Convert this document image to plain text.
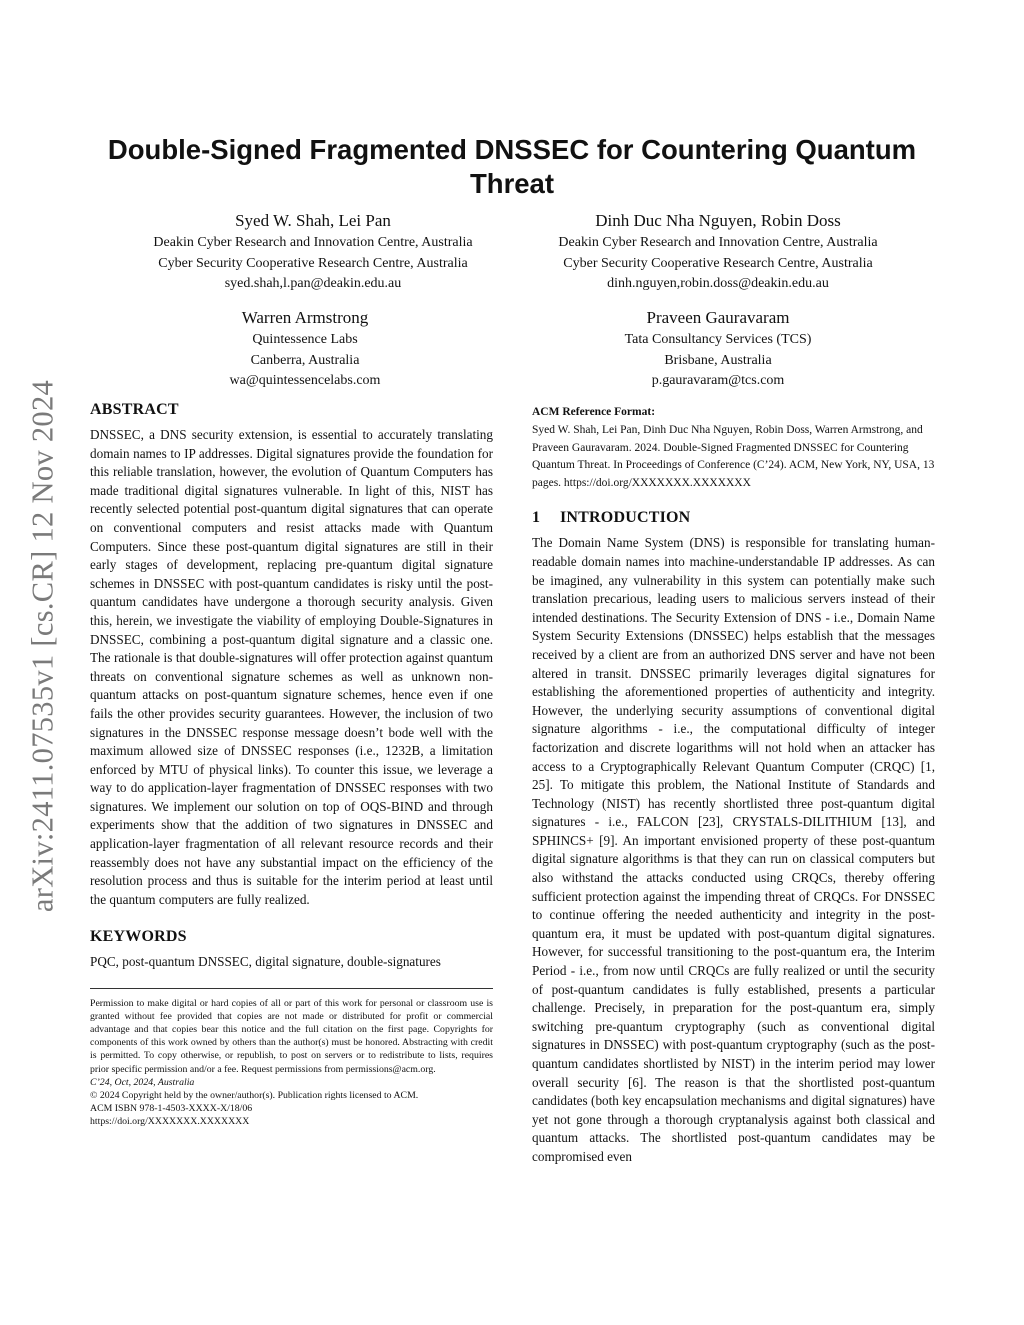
arXiv:2411.07535v1 [cs.CR] 12 Nov 2024
Double-Signed Fragmented DNSSEC for Countering Quantum Threat
Syed W. Shah, Lei Pan
Deakin Cyber Research and Innovation Centre, Australia
Cyber Security Cooperative Research Centre, Australia
syed.shah,l.pan@deakin.edu.au
Dinh Duc Nha Nguyen, Robin Doss
Deakin Cyber Research and Innovation Centre, Australia
Cyber Security Cooperative Research Centre, Australia
dinh.nguyen,robin.doss@deakin.edu.au
Warren Armstrong
Quintessence Labs
Canberra, Australia
wa@quintessencelabs.com
Praveen Gauravaram
Tata Consultancy Services (TCS)
Brisbane, Australia
p.gauravaram@tcs.com
ABSTRACT

DNSSEC, a DNS security extension, is essential to accurately translating domain names to IP addresses. Digital signatures provide the foundation for this reliable translation, however, the evolution of Quantum Computers has made traditional digital signatures vulnerable. In light of this, NIST has recently selected potential post-quantum digital signatures that can operate on conventional computers and resist attacks made with Quantum Computers. Since these post-quantum digital signatures are still in their early stages of development, replacing pre-quantum digital signature schemes in DNSSEC with post-quantum candidates is risky until the post-quantum candidates have undergone a thorough security analysis. Given this, herein, we investigate the viability of employing Double-Signatures in DNSSEC, combining a post-quantum digital signature and a classic one. The rationale is that double-signatures will offer protection against quantum threats on conventional signature schemes as well as unknown non-quantum attacks on post-quantum signature schemes, hence even if one fails the other provides security guarantees. However, the inclusion of two signatures in the DNSSEC response message doesn’t bode well with the maximum allowed size of DNSSEC responses (i.e., 1232B, a limitation enforced by MTU of physical links). To counter this issue, we leverage a way to do application-layer fragmentation of DNSSEC responses with two signatures. We implement our solution on top of OQS-BIND and through experiments show that the addition of two signatures in DNSSEC and application-layer fragmentation of all relevant resource records and their reassembly does not have any substantial impact on the efficiency of the resolution process and thus is suitable for the interim period at least until the quantum computers are fully realized.

KEYWORDS

PQC, post-quantum DNSSEC, digital signature, double-signatures

Permission to make digital or hard copies of all or part of this work for personal or classroom use is granted without fee provided that copies are not made or distributed for profit or commercial advantage and that copies bear this notice and the full citation on the first page. Copyrights for components of this work owned by others than the author(s) must be honored. Abstracting with credit is permitted. To copy otherwise, or republish, to post on servers or to redistribute to lists, requires prior specific permission and/or a fee. Request permissions from permissions@acm.org.

C’24, Oct, 2024, Australia

© 2024 Copyright held by the owner/author(s). Publication rights licensed to ACM.

ACM ISBN 978-1-4503-XXXX-X/18/06

https://doi.org/XXXXXXX.XXXXXXX

ACM Reference Format:

Syed W. Shah, Lei Pan, Dinh Duc Nha Nguyen, Robin Doss, Warren Armstrong, and Praveen Gauravaram. 2024. Double-Signed Fragmented DNSSEC for Countering Quantum Threat. In Proceedings of Conference (C’24). ACM, New York, NY, USA, 13 pages. https://doi.org/XXXXXXX.XXXXXXX

1 INTRODUCTION

The Domain Name System (DNS) is responsible for translating human-readable domain names into machine-understandable IP addresses. As can be imagined, any vulnerability in this system can potentially make such translation precarious, leading users to malicious servers instead of their intended destinations. The Security Extension of DNS - i.e., Domain Name System Security Extensions (DNSSEC) helps establish that the messages received by a client are from an authorized DNS server and have not been altered in transit. DNSSEC primarily leverages digital signatures for establishing the aforementioned properties of authenticity and integrity. However, the underlying security assumptions of conventional digital signature algorithms - i.e., the computational difficulty of integer factorization and discrete logarithms will not hold when an attacker has access to a Cryptographically Relevant Quantum Computer (CRQC) [1, 25]. To mitigate this problem, the National Institute of Standards and Technology (NIST) has recently shortlisted three post-quantum digital signatures - i.e., FALCON [23], CRYSTALS-DILITHIUM [13], and SPHINCS+ [9]. An important envisioned property of these post-quantum digital signature algorithms is that they can run on classical computers but also withstand the attacks conducted using CRQCs, thereby offering sufficient protection against the impending threat of CRQCs. For DNSSEC to continue offering the needed authenticity and integrity in the post-quantum era, it must be updated with post-quantum digital signatures. However, for successful transitioning to the post-quantum era, the Interim Period - i.e., from now until CRQCs are fully realized or until the security of post-quantum candidates is fully established, presents a particular challenge. Precisely, in preparation for the post-quantum era, simply switching pre-quantum cryptography (such as conventional digital signatures in DNSSEC) with post-quantum cryptography (such as the post-quantum candidates shortlisted by NIST) in the interim period may lower overall security [6]. The reason is that the shortlisted post-quantum candidates (both key encapsulation mechanisms and digital signatures) have yet not gone through a thorough cryptanalysis against both classical and quantum attacks. The shortlisted post-quantum candidates may be compromised even
